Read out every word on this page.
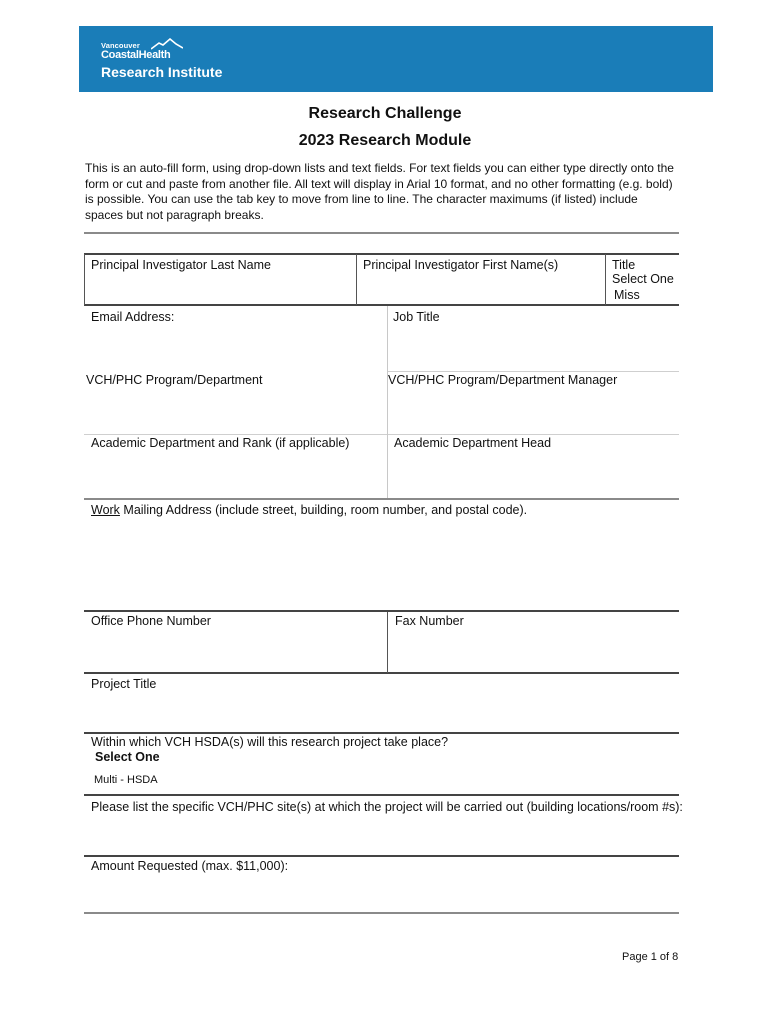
Vancouver
CoastalHealth
Research Institute
Research Challenge
2023 Research Module
This is an auto-fill form, using drop-down lists and text fields. For text fields you can either type directly onto the form or cut and paste from another file. All text will display in Arial 10 format, and no other formatting (e.g. bold) is possible. You can use the tab key to move from line to line. The character maximums (if listed) include spaces but not paragraph breaks.
Principal Investigator Last Name	Principal Investigator First Name(s)	Title
Select One
Miss
Email Address:	Job Title
VCH/PHC Program/Department	VCH/PHC Program/Department Manager
Academic Department and Rank (if applicable)	Academic Department Head
Work Mailing Address (include street, building, room number, and postal code).
Office Phone Number	Fax Number
Project Title
Within which VCH HSDA(s) will this research project take place?
Select One
Multi - HSDA
Please list the specific VCH/PHC site(s) at which the project will be carried out (building locations/room #s):
Amount Requested (max. $11,000):
Page 1 of 8
